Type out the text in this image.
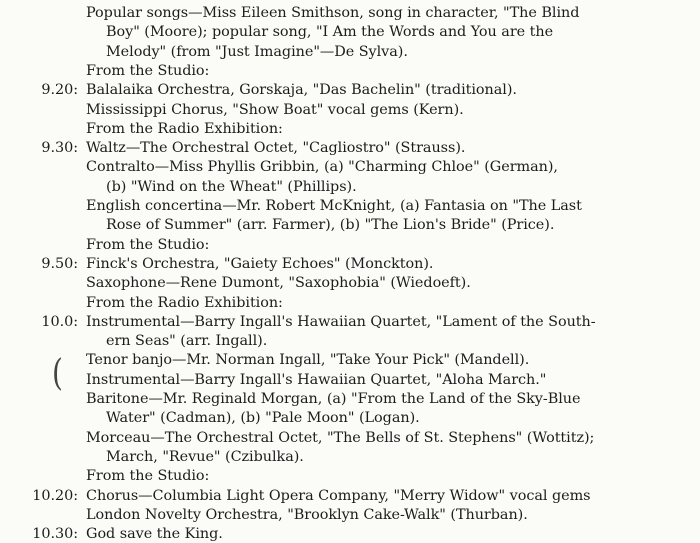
(
Popular songs—Miss Eileen Smithson, song in character, "The Blind
Boy" (Moore); popular song, "I Am the Words and You are the
Melody" (from "Just Imagine"—De Sylva).
From the Studio:
9.20: Balalaika Orchestra, Gorskaja, "Das Bachelin" (traditional).
Mississippi Chorus, "Show Boat" vocal gems (Kern).
From the Radio Exhibition:
9.30: Waltz—The Orchestral Octet, "Cagliostro" (Strauss).
Contralto—Miss Phyllis Gribbin, (a) "Charming Chloe" (German),
(b) "Wind on the Wheat" (Phillips).
English concertina—Mr. Robert McKnight, (a) Fantasia on "The Last
Rose of Summer" (arr. Farmer), (b) "The Lion's Bride" (Price).
From the Studio:
9.50: Finck's Orchestra, "Gaiety Echoes" (Monckton).
Saxophone—Rene Dumont, "Saxophobia" (Wiedoeft).
From the Radio Exhibition:
10.0: Instrumental—Barry Ingall's Hawaiian Quartet, "Lament of the South-
ern Seas" (arr. Ingall).
Tenor banjo—Mr. Norman Ingall, "Take Your Pick" (Mandell).
Instrumental—Barry Ingall's Hawaiian Quartet, "Aloha March."
Baritone—Mr. Reginald Morgan, (a) "From the Land of the Sky-Blue
Water" (Cadman), (b) "Pale Moon" (Logan).
Morceau—The Orchestral Octet, "The Bells of St. Stephens" (Wottitz);
March, "Revue" (Czibulka).
From the Studio:
10.20: Chorus—Columbia Light Opera Company, "Merry Widow" vocal gems
London Novelty Orchestra, "Brooklyn Cake-Walk" (Thurban).
10.30: God save the King.
